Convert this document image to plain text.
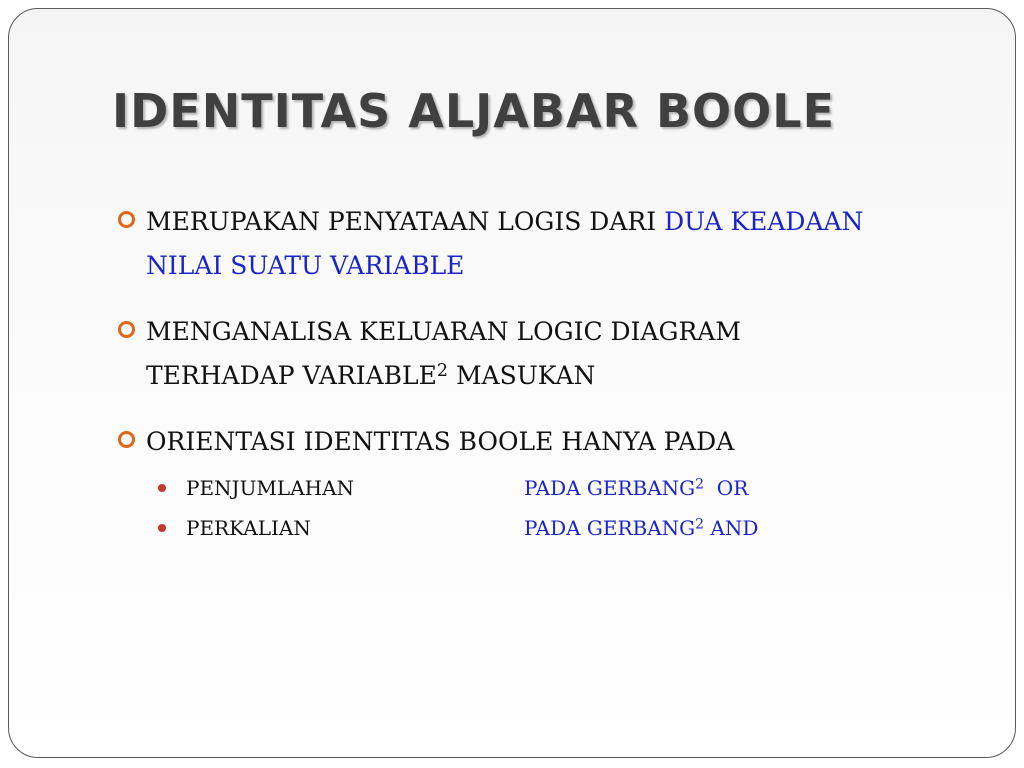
IDENTITAS ALJABAR BOOLE
MERUPAKAN PENYATAAN LOGIS DARI DUA KEADAAN NILAI SUATU VARIABLE
MENGANALISA KELUARAN LOGIC DIAGRAM TERHADAP VARIABLE$^2$ MASUKAN
ORIENTASI IDENTITAS BOOLE HANYA PADA
PENJUMLAHAN	PADA GERBANG$^2$  OR
PERKALIAN	PADA GERBANG$^2$ AND
